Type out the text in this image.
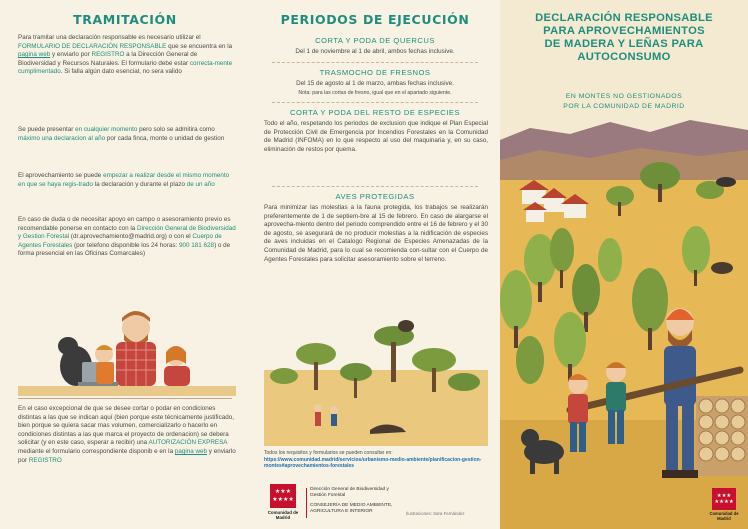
TRAMITACIÓN
Para tramitar una declaración responsable es necesario utilizar el FORMULARIO DE DECLARACIÓN RESPONSABLE que se encuentra en la pagina web y enviarlo por REGISTRO a la Dirección General de Biodiversidad y Recursos Naturales. El formulario debe estar correcta-mente cumplimentado. Si falla algún dato esencial, no sera valido
Se puede presentar en cualquier momento pero solo se admitira como máximo una declaracion al año por cada finca, monte o unidad de gestion
El aprovechamiento se puede empezar a realizar desde el mismo momento en que se haya regis-trado la declaración y durante el plazo de un año
En caso de duda o de necesitar apoyo en campo o asesoramiento previo es recomendable ponerse en contacto con la Dirección General de Biodiversidad y Gestion Forestal (dr.aprovechamiento@madrid.org) o con el Cuerpo de Agentes Forestales (por telefono disponible los 24 horas: 900 181 628) o de forma presencial en las Oficinas Comarcales)
En el caso excepcional de que se desee cortar o podar en condiciones distintas a las que se indican aquí (bien porque este técnicamente justificado, bien porque se quiera sacar mas volumen, comercializarlo o hacerlo en condiciones distintas a las que marca el proyecto de ordenacion) se debera solicitar (y en este caso, esperar a recibir) una AUTORIZACIÓN EXPRESA mediante el formulario correspondiente disponib e en la pagina web y enviarlo por REGISTRO
PERIODOS DE EJECUCIÓN
CORTA Y PODA DE QUERCUS
Del 1 de noviembre al 1 de abril, ambos fechas inclusive.
TRASMOCHO DE FRESNOS
Del 15 de agosto al 1 de marzo, ambas fechas inclusive.
Nota: para las cortas de fresno, igual que en el apartado siguiente.
CORTA Y PODA DEL RESTO DE ESPECIES
Todo el año, respetando los periodos de exclusion que indique el Plan Especial de Protección Civil de Emergencia por Incendios Forestales en la Comunidad de Madrid (INFOMA) en lo que respecto al uso del maquinaria y, en su caso, eliminación de restos por quema.
AVES PROTEGIDAS
Para minimizar las molestias a la fauna protegida, los trabajos se realizarán preferentemente de 1 de septiem-bre al 15 de febrero. En caso de alargarse el aprovecha-miento dentro del periodo comprendido entre el 16 de febrero y el 30 de agosto, se asegurará de no producir molestias a la nidificación de especies de aves incluidas en el Catalogo Regional de Especies Amenazadas de la Comunidad de Madrid, para lo cual se recomienda con-sultar con el Cuerpo de Agentes Forestales para solicitar asesoramiento sobre el terreno.
Todos los requisitos y formularios se pueden consultar en:
https://www.comunidad.madrid/servicios/urbanismo-medio-ambiente/planificacion-gestion-montes#aprovechamientos-forestales
★★★
★★★★
Comunidad de Madrid
Dirección General de Biodiversidad y Gestión Forestal
CONSEJERÍA DE MEDIO AMBIENTE, AGRICULTURA E INTERIOR	Ilustraciones: Sara Fernández
DECLARACIÓN RESPONSABLE
PARA APROVECHAMIENTOS
DE MADERA Y LEÑAS PARA
AUTOCONSUMO
EN MONTES NO GESTIONADOS
POR LA COMUNIDAD DE MADRID
★★★
★★★★
Comunidad de Madrid
